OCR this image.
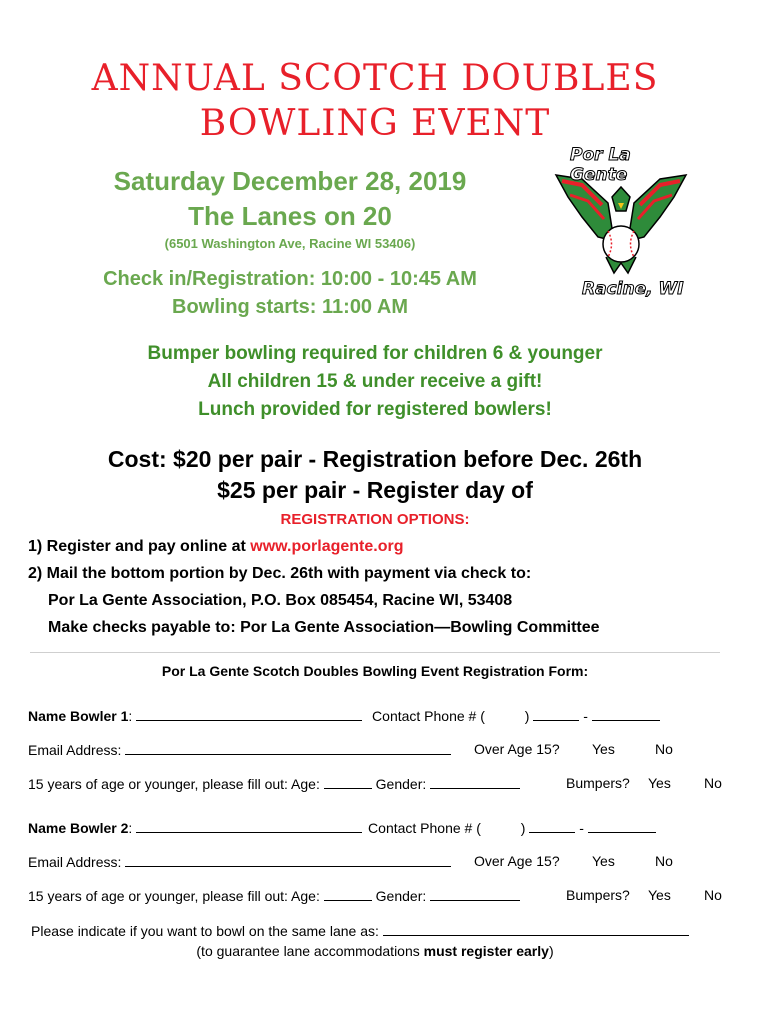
ANNUAL SCOTCH DOUBLES
BOWLING EVENT
Saturday December 28, 2019
The Lanes on 20
(6501 Washington Ave, Racine WI 53406)
Check in/Registration: 10:00 - 10:45 AM
Bowling starts: 11:00 AM
Por La Gente
Racine, WI
Bumper bowling required for children 6 & younger
All children 15 & under receive a gift!
Lunch provided for registered bowlers!
Cost: $20 per pair - Registration before Dec. 26th
$25 per pair - Register day of
REGISTRATION OPTIONS:
1) Register and pay online at www.porlagente.org
2) Mail the bottom portion by Dec. 26th with payment via check to:
Por La Gente Association, P.O. Box 085454, Racine WI, 53408
Make checks payable to: Por La Gente Association—Bowling Committee
Por La Gente Scotch Doubles Bowling Event Registration Form:
Name Bowler 1:	Contact Phone # (	)	-
Email Address:	Over Age 15? Yes	No
15 years of age or younger, please fill out: Age:	Gender:	Bumpers? Yes No
Name Bowler 2:	Contact Phone # (	)	-
Email Address:	Over Age 15? Yes	No
15 years of age or younger, please fill out: Age:	Gender:	Bumpers? Yes No
Please indicate if you want to bowl on the same lane as:
(to guarantee lane accommodations must register early)
